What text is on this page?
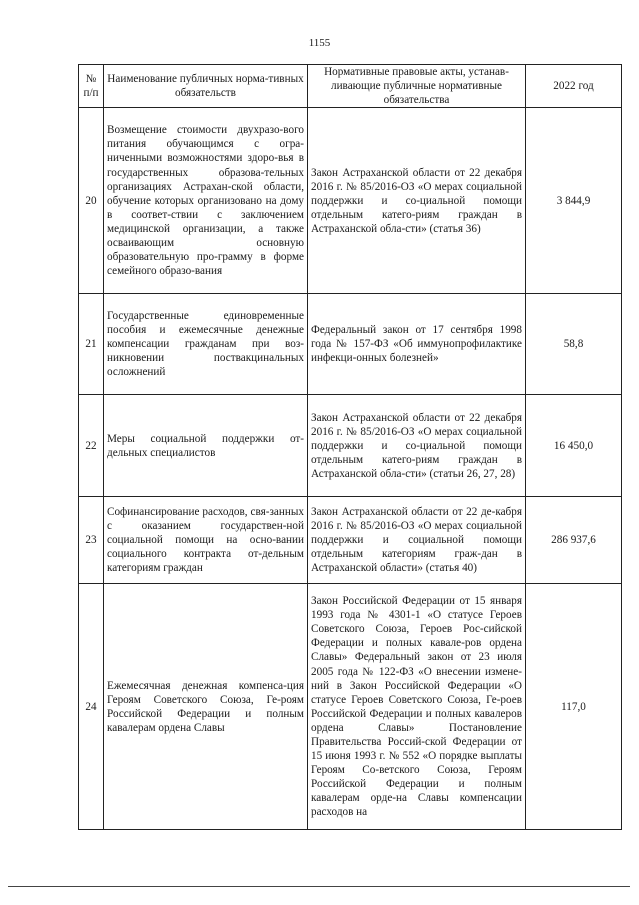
1155
№ п/п	Наименование публичных норма-тивных обязательств	Нормативные правовые акты, устанав-ливающие публичные нормативные обязательства	2022 год
20	Возмещение стоимости двухразо-вого питания обучающимся с огра-ниченными возможностями здоро-вья в государственных образова-тельных организациях Астрахан-ской области, обучение которых организовано на дому в соответ-ствии с заключением медицинской организации, а также осваивающим основную образовательную про-грамму в форме семейного образо-вания	Закон Астраханской области от 22 декабря 2016 г. № 85/2016-ОЗ «О мерах социальной поддержки и со-циальной помощи отдельным катего-риям граждан в Астраханской обла-сти» (статья 36)	3 844,9
21	Государственные единовременные пособия и ежемесячные денежные компенсации гражданам при воз-никновении поствакцинальных осложнений	Федеральный закон от 17 сентября 1998 года № 157-ФЗ «Об иммунопрофилактике инфекци-онных болезней»	58,8
22	Меры социальной поддержки от-дельных специалистов	Закон Астраханской области от 22 декабря 2016 г. № 85/2016-ОЗ «О мерах социальной поддержки и со-циальной помощи отдельным катего-риям граждан в Астраханской обла-сти» (статьи 26, 27, 28)	16 450,0
23	Софинансирование расходов, свя-занных с оказанием государствен-ной социальной помощи на осно-вании социального контракта от-дельным категориям граждан	Закон Астраханской области от 22 де-кабря 2016 г. № 85/2016-ОЗ «О мерах социальной поддержки и социальной помощи отдельным категориям граж-дан в Астраханской области» (статья 40)	286 937,6
24	Ежемесячная денежная компенса-ция Героям Советского Союза, Ге-роям Российской Федерации и полным кавалерам ордена Славы	Закон Российской Федерации от 15 января 1993 года № 4301-1 «О статусе Героев Советского Союза, Героев Рос-сийской Федерации и полных кавале-ров ордена Славы» Федеральный закон от 23 июля 2005 года № 122-ФЗ «О внесении измене-ний в Закон Российской Федерации «О статусе Героев Советского Союза, Ге-роев Российской Федерации и полных кавалеров ордена Славы» Постановление Правительства Россий-ской Федерации от 15 июня 1993 г. № 552 «О порядке выплаты Героям Со-ветского Союза, Героям Российской Федерации и полным кавалерам орде-на Славы компенсации расходов на	117,0
